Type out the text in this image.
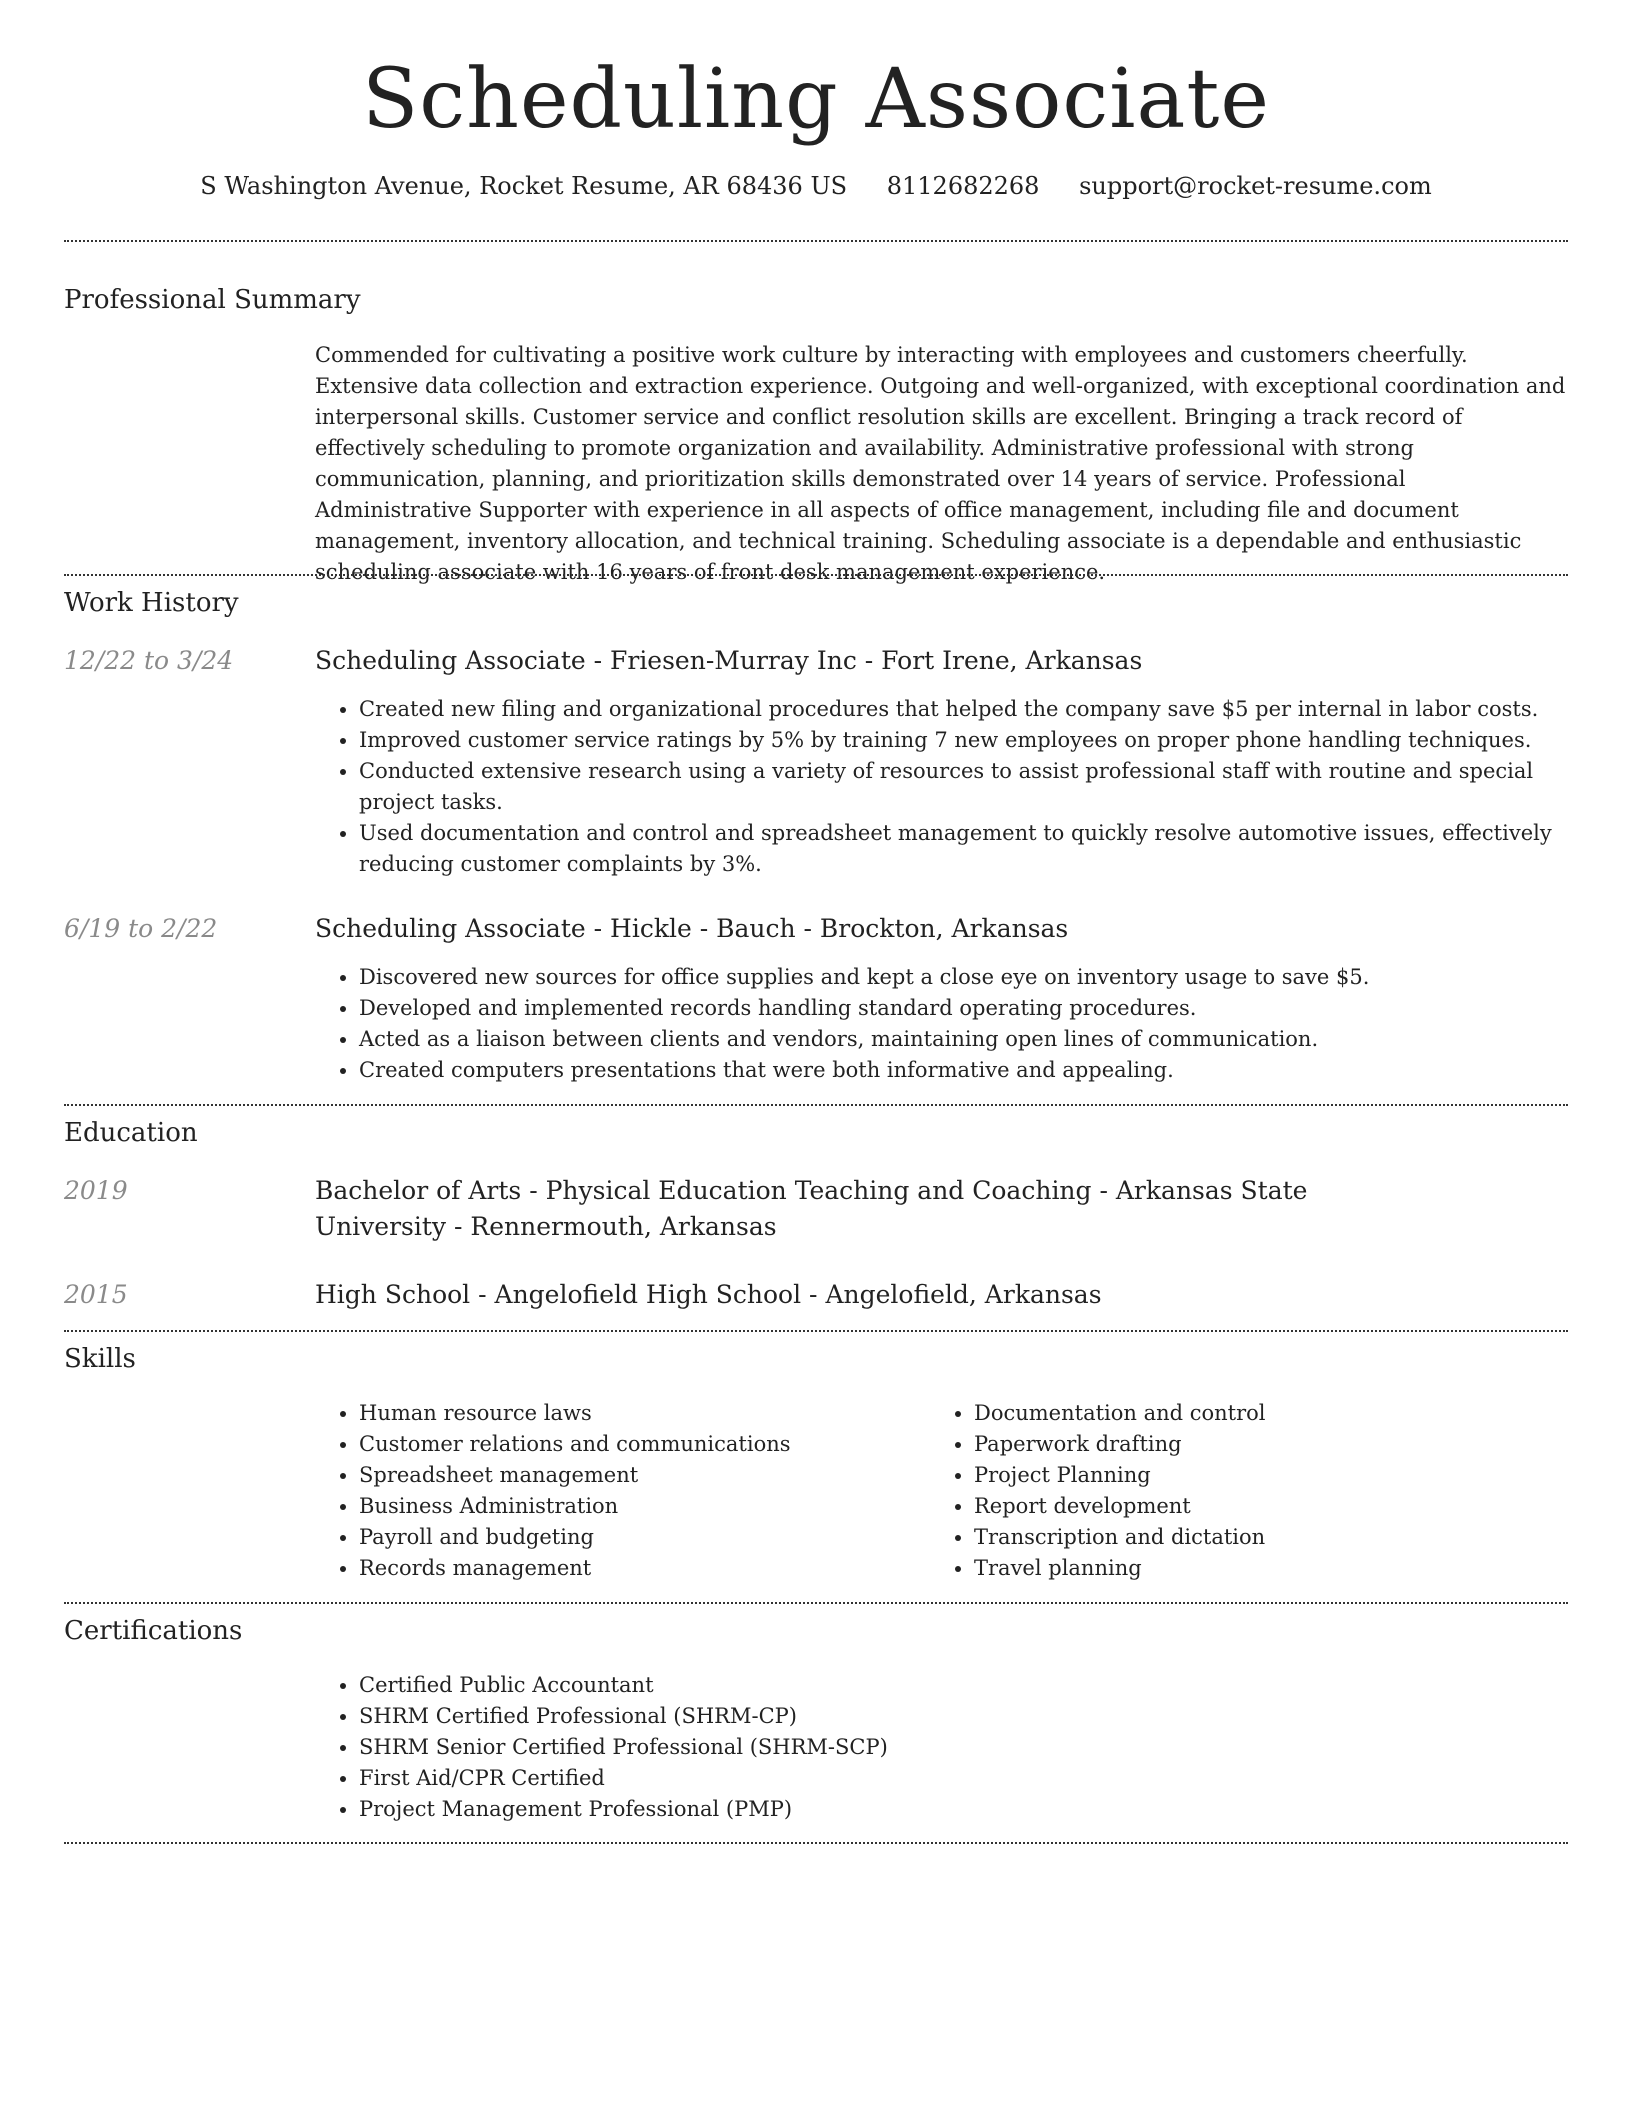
Scheduling Associate
S Washington Avenue, Rocket Resume, AR 68436 US 8112682268 support@rocket-resume.com
Professional Summary
Commended for cultivating a positive work culture by interacting with employees and customers cheerfully. Extensive data collection and extraction experience. Outgoing and well-organized, with exceptional coordination and interpersonal skills. Customer service and conflict resolution skills are excellent. Bringing a track record of effectively scheduling to promote organization and availability. Administrative professional with strong communication, planning, and prioritization skills demonstrated over 14 years of service. Professional Administrative Supporter with experience in all aspects of office management, including file and document management, inventory allocation, and technical training. Scheduling associate is a dependable and enthusiastic scheduling associate with 16 years of front desk management experience.
Work History
12/22 to 3/24	Scheduling Associate - Friesen-Murray Inc - Fort Irene, Arkansas
• Created new filing and organizational procedures that helped the company save $5 per internal in labor costs.
• Improved customer service ratings by 5% by training 7 new employees on proper phone handling techniques.
• Conducted extensive research using a variety of resources to assist professional staff with routine and special project tasks.
• Used documentation and control and spreadsheet management to quickly resolve automotive issues, effectively reducing customer complaints by 3%.
6/19 to 2/22	Scheduling Associate - Hickle - Bauch - Brockton, Arkansas
• Discovered new sources for office supplies and kept a close eye on inventory usage to save $5.
• Developed and implemented records handling standard operating procedures.
• Acted as a liaison between clients and vendors, maintaining open lines of communication.
• Created computers presentations that were both informative and appealing.
Education
2019	Bachelor of Arts - Physical Education Teaching and Coaching - Arkansas State University - Rennermouth, Arkansas
2015	High School - Angelofield High School - Angelofield, Arkansas
Skills
• Human resource laws
• Customer relations and communications
• Spreadsheet management
• Business Administration
• Payroll and budgeting
• Records management
• Documentation and control
• Paperwork drafting
• Project Planning
• Report development
• Transcription and dictation
• Travel planning
Certifications
• Certified Public Accountant
• SHRM Certified Professional (SHRM-CP)
• SHRM Senior Certified Professional (SHRM-SCP)
• First Aid/CPR Certified
• Project Management Professional (PMP)
